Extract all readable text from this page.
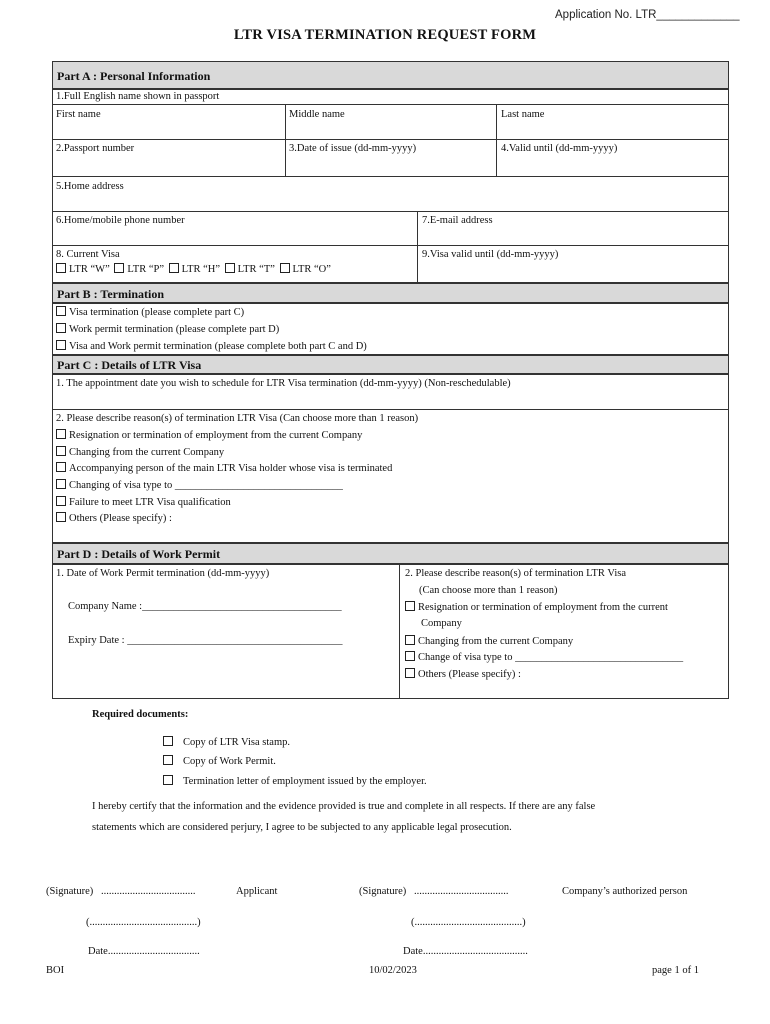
Application No. LTR_____________
LTR VISA TERMINATION REQUEST FORM
Part A : Personal Information
1.Full English name shown in passport
First name	Middle name	Last name
2.Passport number	3.Date of issue (dd-mm-yyyy)	4.Valid until (dd-mm-yyyy)
5.Home address
6.Home/mobile phone number	7.E-mail address
8. Current Visa
LTR “W” LTR “P” LTR “H” LTR “T” LTR “O”
9.Visa valid until (dd-mm-yyyy)
Part B : Termination
Visa termination (please complete part C)
Work permit termination (please complete part D)
Visa and Work permit termination (please complete both part C and D)
Part C : Details of LTR Visa
1. The appointment date you wish to schedule for LTR Visa termination (dd-mm-yyyy) (Non-reschedulable)
2. Please describe reason(s) of termination LTR Visa (Can choose more than 1 reason)
Resignation or termination of employment from the current Company
Changing from the current Company
Accompanying person of the main LTR Visa holder whose visa is terminated
Changing of visa type to ________________________________
Failure to meet LTR Visa qualification
Others (Please specify) :
Part D : Details of Work Permit
1. Date of Work Permit termination (dd-mm-yyyy)
Company Name :______________________________________
Expiry Date : _________________________________________
2. Please describe reason(s) of termination LTR Visa
(Can choose more than 1 reason)
Resignation or termination of employment from the current
Company
Changing from the current Company
Change of visa type to ________________________________
Others (Please specify) :
Required documents:
Copy of LTR Visa stamp.
Copy of Work Permit.
Termination letter of employment issued by the employer.
I hereby certify that the information and the evidence provided is true and complete in all respects. If there are any false
statements which are considered perjury, I agree to be subjected to any applicable legal prosecution.
(Signature) ....................................	Applicant	(Signature) ....................................	Company’s authorized person
(.........................................)	(.........................................)
Date...................................	Date........................................
BOI	10/02/2023	page 1 of 1
